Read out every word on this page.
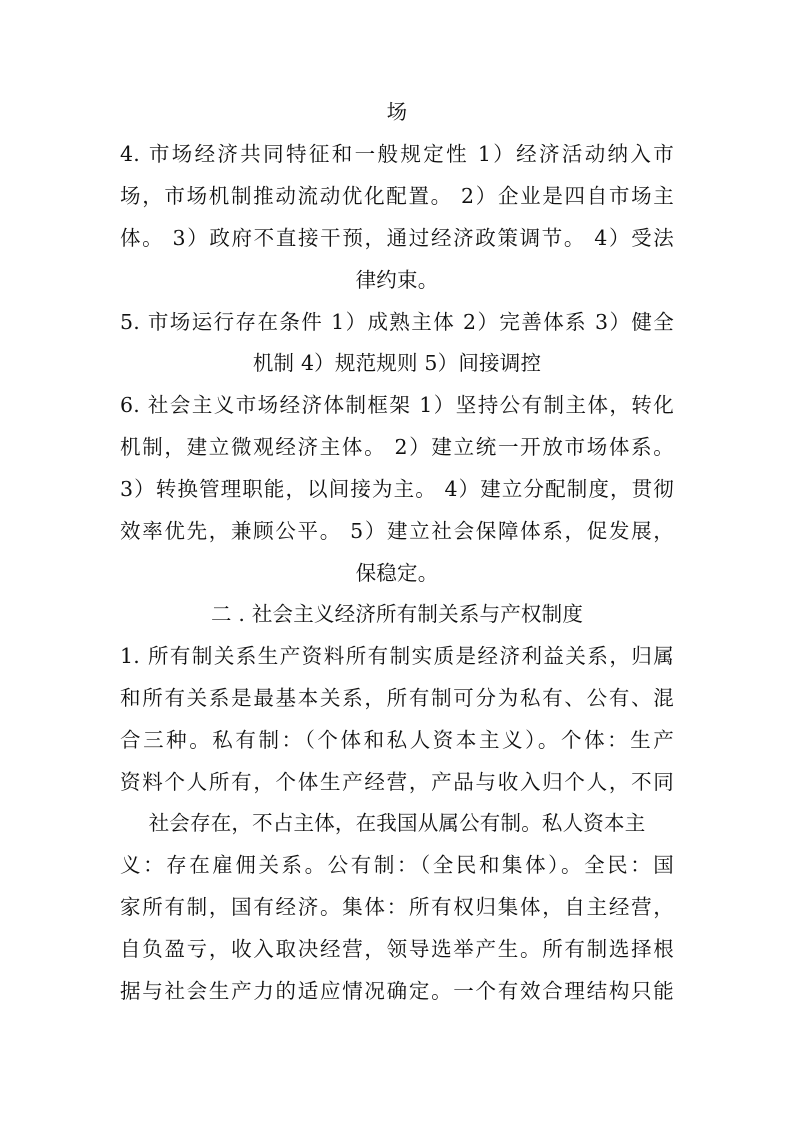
场
4. 市场经济共同特征和一般规定性 1）经济活动纳入市
场，市场机制推动流动优化配置。 2）企业是四自市场主
体。 3）政府不直接干预，通过经济政策调节。 4）受法
律约束。
5. 市场运行存在条件 1）成熟主体 2）完善体系 3）健全
机制 4）规范规则 5）间接调控
6. 社会主义市场经济体制框架 1）坚持公有制主体，转化
机制，建立微观经济主体。 2）建立统一开放市场体系。
3）转换管理职能，以间接为主。 4）建立分配制度，贯彻
效率优先，兼顾公平。 5）建立社会保障体系，促发展，
保稳定。
二 . 社会主义经济所有制关系与产权制度
1. 所有制关系生产资料所有制实质是经济利益关系，归属
和所有关系是最基本关系，所有制可分为私有、公有、混
合三种。私有制：（个体和私人资本主义）。个体：生产
资料个人所有，个体生产经营，产品与收入归个人，不同
社会存在，不占主体，在我国从属公有制。私人资本主
义：存在雇佣关系。公有制：（全民和集体）。全民：国
家所有制，国有经济。集体：所有权归集体，自主经营，
自负盈亏，收入取决经营，领导选举产生。所有制选择根
据与社会生产力的适应情况确定。一个有效合理结构只能
